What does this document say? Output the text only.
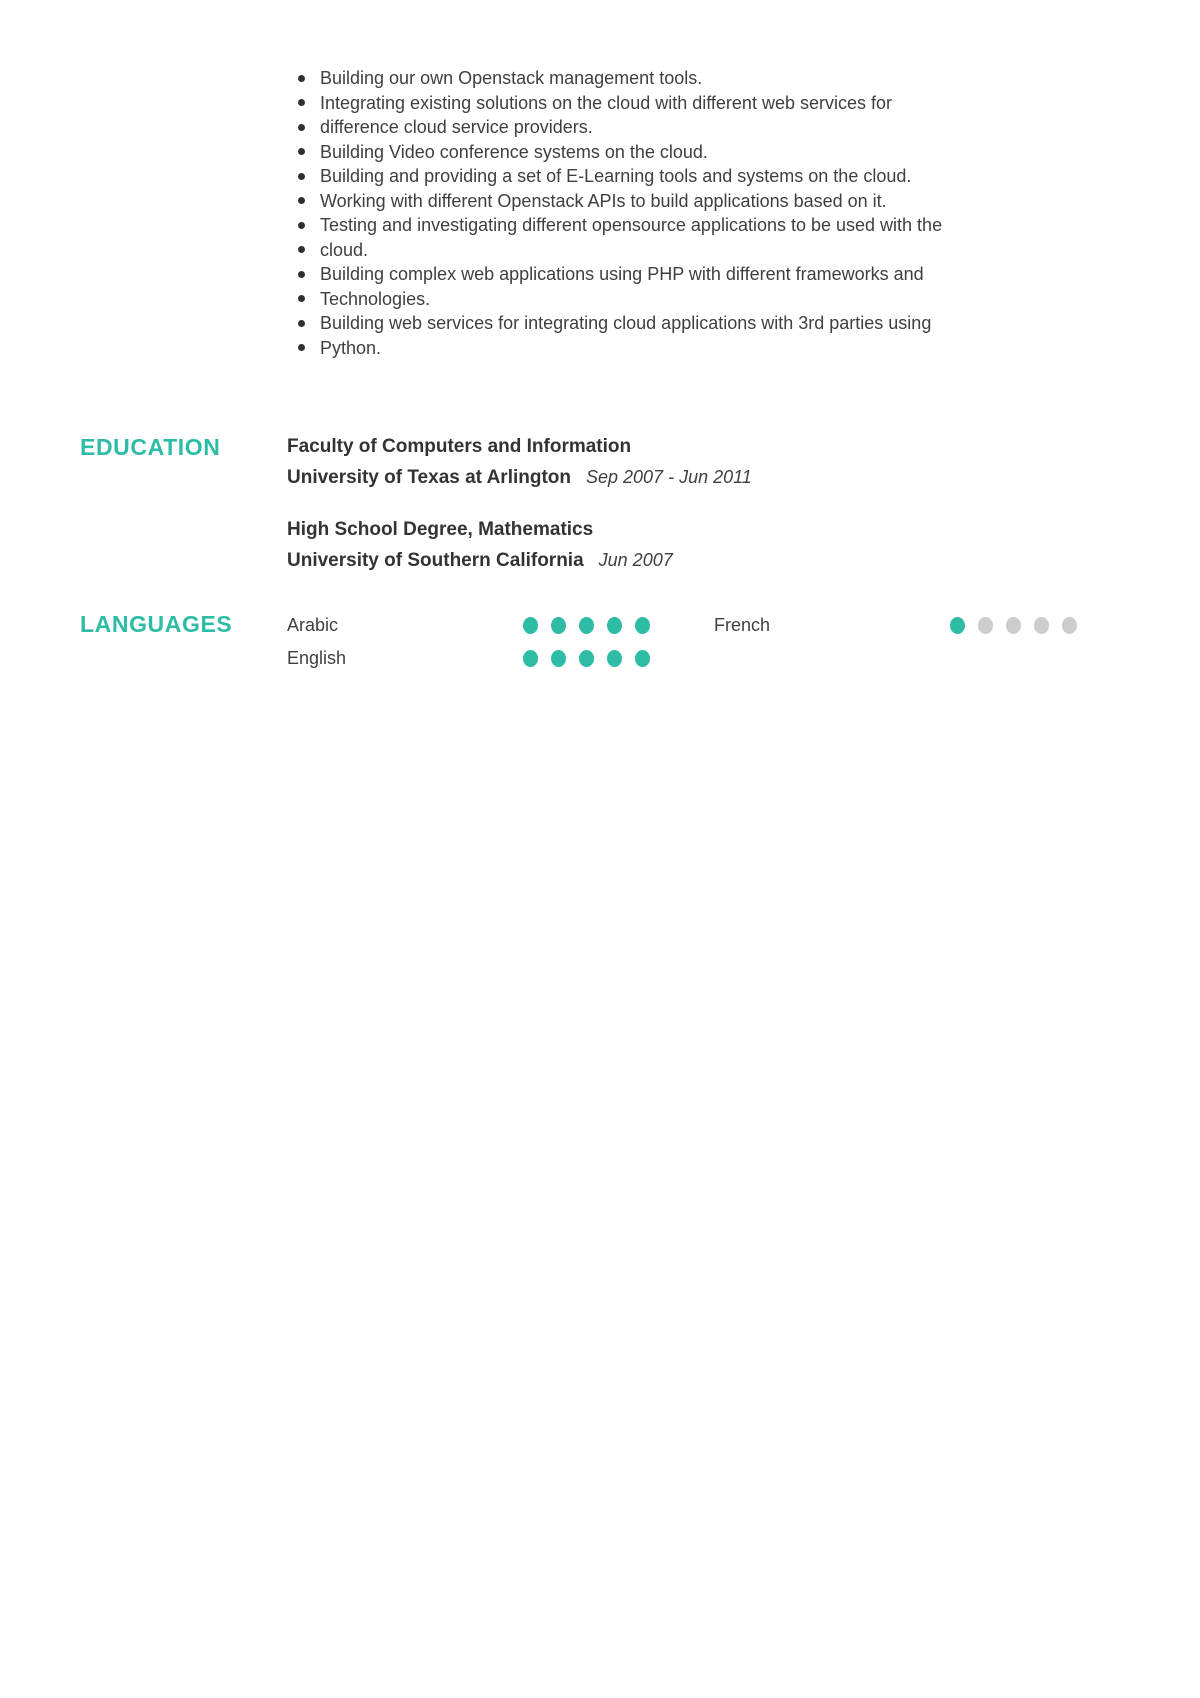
Building our own Openstack management tools.
Integrating existing solutions on the cloud with different web services for
difference cloud service providers.
Building Video conference systems on the cloud.
Building and providing a set of E-Learning tools and systems on the cloud.
Working with different Openstack APIs to build applications based on it.
Testing and investigating different opensource applications to be used with the
cloud.
Building complex web applications using PHP with different frameworks and
Technologies.
Building web services for integrating cloud applications with 3rd parties using
Python.
EDUCATION	Faculty of Computers and Information
University of Texas at Arlington Sep 2007 - Jun 2011
High School Degree, Mathematics
University of Southern California Jun 2007
LANGUAGES	Arabic	French
English
